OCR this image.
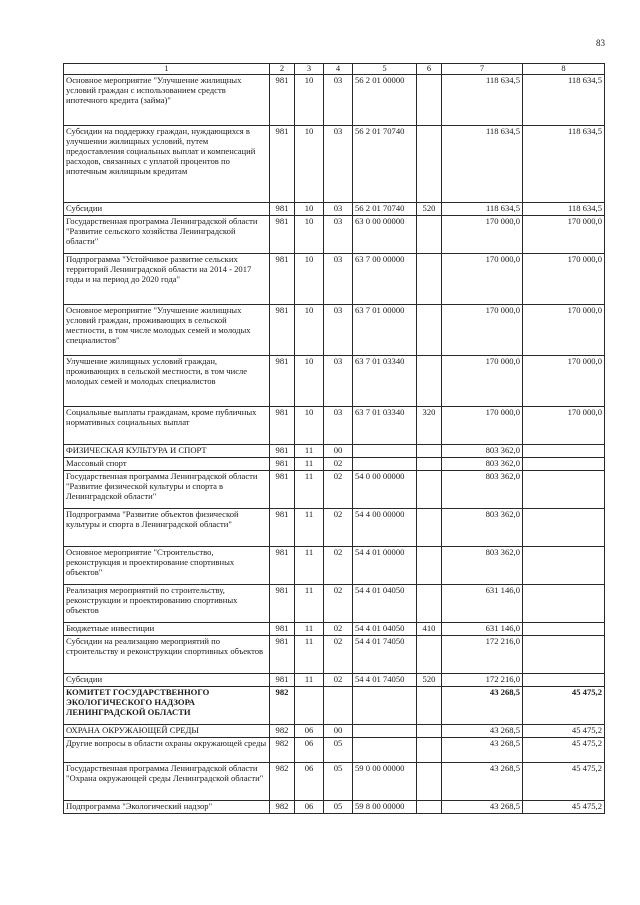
83
1	2	3	4	5	6	7	8
Основное мероприятие "Улучшение жилищных условий граждан с использованием средств ипотечного кредита (займа)"	981	10	03	56 2 01 00000		118 634,5	118 634,5
Субсидии на поддержку граждан, нуждающихся в улучшении жилищных условий, путем предоставления социальных выплат и компенсаций расходов, связанных с уплатой процентов по ипотечным жилищным кредитам	981	10	03	56 2 01 70740		118 634,5	118 634,5
Субсидии	981	10	03	56 2 01 70740	520	118 634,5	118 634,5
Государственная программа Ленинградской области "Развитие сельского хозяйства Ленинградской области"	981	10	03	63 0 00 00000		170 000,0	170 000,0
Подпрограмма "Устойчивое развитие сельских территорий Ленинградской области на 2014 - 2017 годы и на период до 2020 года"	981	10	03	63 7 00 00000		170 000,0	170 000,0
Основное мероприятие "Улучшение жилищных условий граждан, проживающих в сельской местности, в том числе молодых семей и молодых специалистов"	981	10	03	63 7 01 00000		170 000,0	170 000,0
Улучшение жилищных условий граждан, проживающих в сельской местности, в том числе молодых семей и молодых специалистов	981	10	03	63 7 01 03340		170 000,0	170 000,0
Социальные выплаты гражданам, кроме публичных нормативных социальных выплат	981	10	03	63 7 01 03340	320	170 000,0	170 000,0
ФИЗИЧЕСКАЯ КУЛЬТУРА И СПОРТ	981	11	00			803 362,0	
Массовый спорт	981	11	02			803 362,0	
Государственная программа Ленинградской области "Развитие физической культуры и спорта в Ленинградской области"	981	11	02	54 0 00 00000		803 362,0	
Подпрограмма "Развитие объектов физической культуры и спорта в Ленинградской области"	981	11	02	54 4 00 00000		803 362,0	
Основное мероприятие "Строительство, реконструкция и проектирование спортивных объектов"	981	11	02	54 4 01 00000		803 362,0	
Реализация мероприятий по строительству, реконструкции и проектированию спортивных объектов	981	11	02	54 4 01 04050		631 146,0	
Бюджетные инвестиции	981	11	02	54 4 01 04050	410	631 146,0	
Субсидии на реализацию мероприятий по строительству и реконструкции спортивных объектов	981	11	02	54 4 01 74050		172 216,0	
Субсидии	981	11	02	54 4 01 74050	520	172 216,0	
КОМИТЕТ ГОСУДАРСТВЕННОГО ЭКОЛОГИЧЕСКОГО НАДЗОРА ЛЕНИНГРАДСКОЙ ОБЛАСТИ	982					43 268,5	45 475,2
ОХРАНА ОКРУЖАЮЩЕЙ СРЕДЫ	982	06	00			43 268,5	45 475,2
Другие вопросы в области охраны окружающей среды	982	06	05			43 268,5	45 475,2
Государственная программа Ленинградской области "Охрана окружающей среды Ленинградской области"	982	06	05	59 0 00 00000		43 268,5	45 475,2
Подпрограмма "Экологический надзор"	982	06	05	59 8 00 00000		43 268,5	45 475,2
